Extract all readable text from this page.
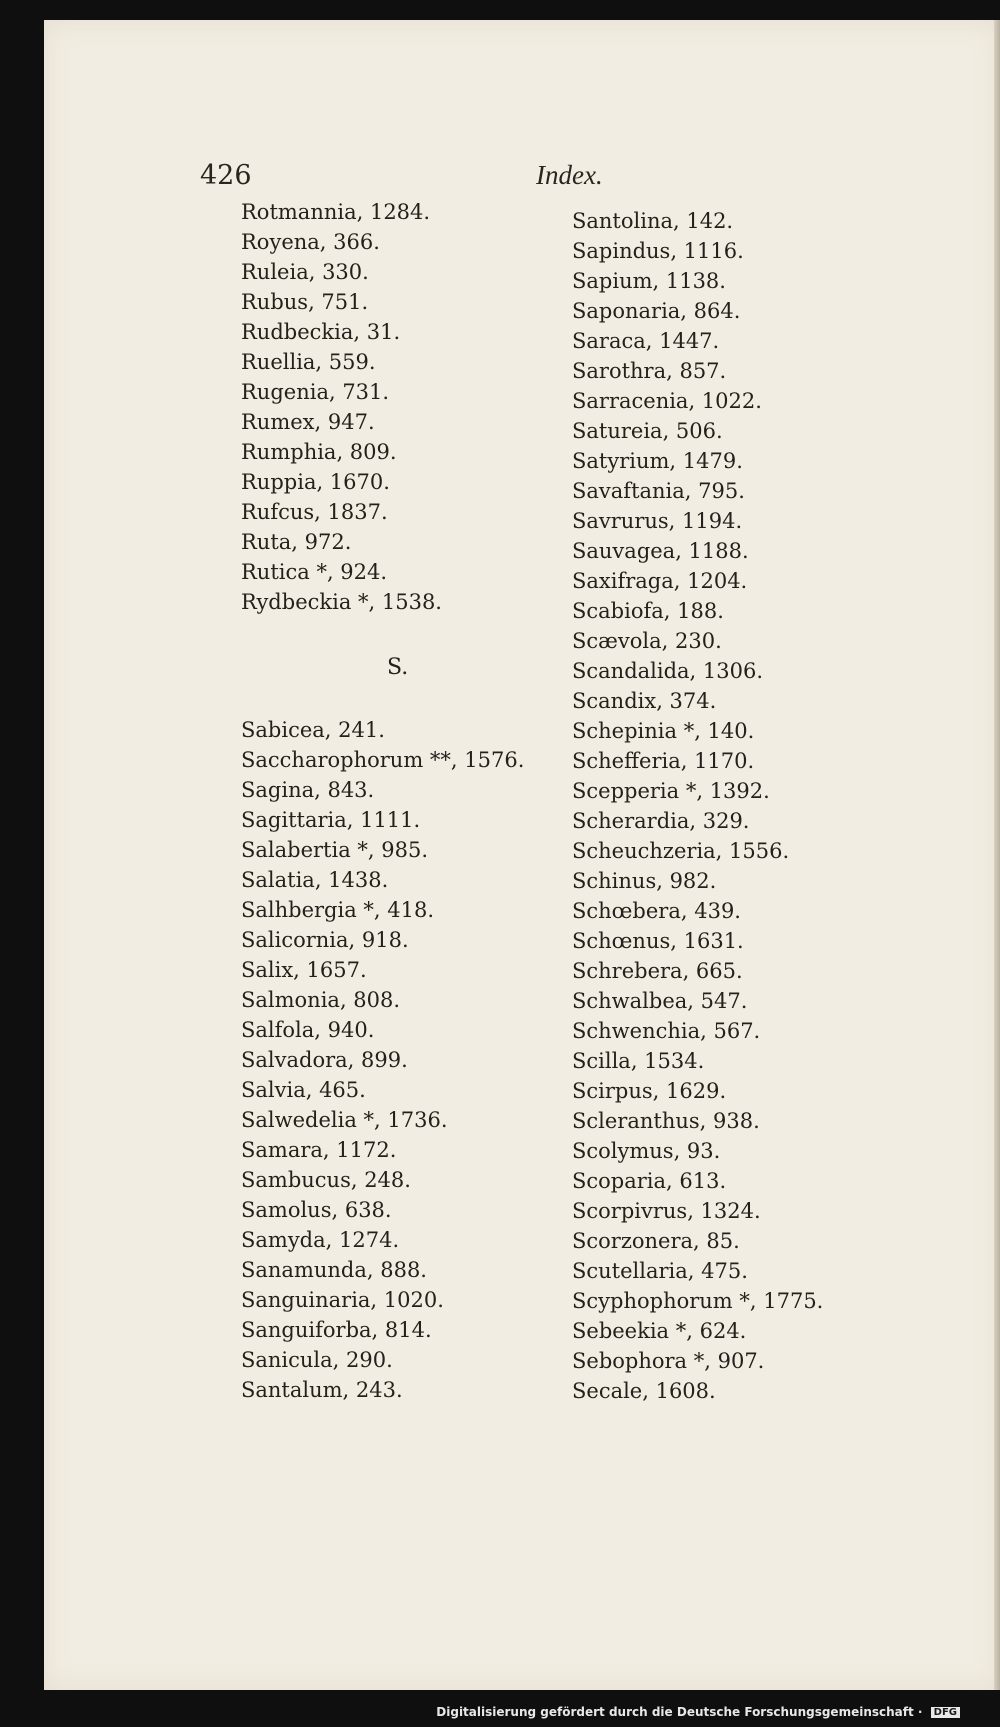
426	Index.
Rotmannia, 1284.
Royena, 366.
Ruleia, 330.
Rubus, 751.
Rudbeckia, 31.
Ruellia, 559.
Rugenia, 731.
Rumex, 947.
Rumphia, 809.
Ruppia, 1670.
Rufcus, 1837.
Ruta, 972.
Rutica *, 924.
Rydbeckia *, 1538.
S.
Sabicea, 241.
Saccharophorum **, 1576.
Sagina, 843.
Sagittaria, 1111.
Salabertia *, 985.
Salatia, 1438.
Salhbergia *, 418.
Salicornia, 918.
Salix, 1657.
Salmonia, 808.
Salfola, 940.
Salvadora, 899.
Salvia, 465.
Salwedelia *, 1736.
Samara, 1172.
Sambucus, 248.
Samolus, 638.
Samyda, 1274.
Sanamunda, 888.
Sanguinaria, 1020.
Sanguiforba, 814.
Sanicula, 290.
Santalum, 243.
Santolina, 142.
Sapindus, 1116.
Sapium, 1138.
Saponaria, 864.
Saraca, 1447.
Sarothra, 857.
Sarracenia, 1022.
Satureia, 506.
Satyrium, 1479.
Savaftania, 795.
Savrurus, 1194.
Sauvagea, 1188.
Saxifraga, 1204.
Scabiofa, 188.
Scævola, 230.
Scandalida, 1306.
Scandix, 374.
Schepinia *, 140.
Schefferia, 1170.
Scepperia *, 1392.
Scherardia, 329.
Scheuchzeria, 1556.
Schinus, 982.
Schœbera, 439.
Schœnus, 1631.
Schrebera, 665.
Schwalbea, 547.
Schwenchia, 567.
Scilla, 1534.
Scirpus, 1629.
Scleranthus, 938.
Scolymus, 93.
Scoparia, 613.
Scorpivrus, 1324.
Scorzonera, 85.
Scutellaria, 475.
Scyphophorum *, 1775.
Sebeekia *, 624.
Sebophora *, 907.
Secale, 1608.
Digitalisierung gefördert durch die Deutsche Forschungsgemeinschaft · DFG
